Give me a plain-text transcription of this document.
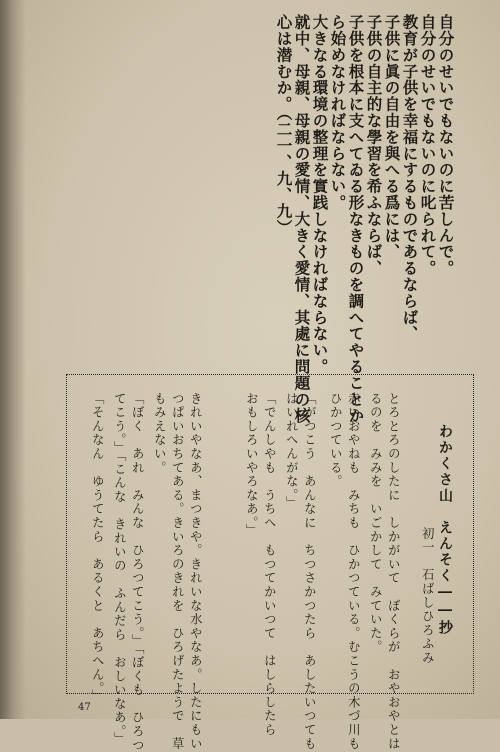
自分のせいでもないのに苦しんで。
自分のせいでもないのに叱られて。
教育が子供を幸福にするものであるならば、
子供に眞の自由を與へる爲には、
子供の自主的な學習を希ふならば、
子供を根本に支へてゐる形なきものを調へてやることか
ら始めなければならない。
大きなる環境の整理を實践しなければならない。
就中、母親、母親の愛情、大きく愛情、其處に問題の核
心は潜むか。（二一、九、九）
わかくさ山　えんそく――抄
初一　石ばしひろふみ
とろとろのしたに　しかがいて　ぼくらが　おやおやとは
るのを　みみを　いごかして　みていた。
赤いおやねも　みちも　ひかつている。むこうの木づ川も
ひかつている。
「がつこう　あんなに　ちつさかつたら　あしたいつても
はいれへんがな。」
「でんしやも　うちへ　もつてかいつて　はしらしたら
おもしろいやろなあ。」
きれいやなあ、まつきや。きれいな水やなあ。したにもい
つぱいおちてある。きいろのきれを　ひろげたようで　草
もみえない。
「ぼく　あれ　みんな　ひろつてこう。」「ぼくも　ひろつ
てこう。」「こんな　きれいの　ふんだら　おしいなあ。」
「そんなん　ゆうてたら　あるくと　あちへん。」
47
